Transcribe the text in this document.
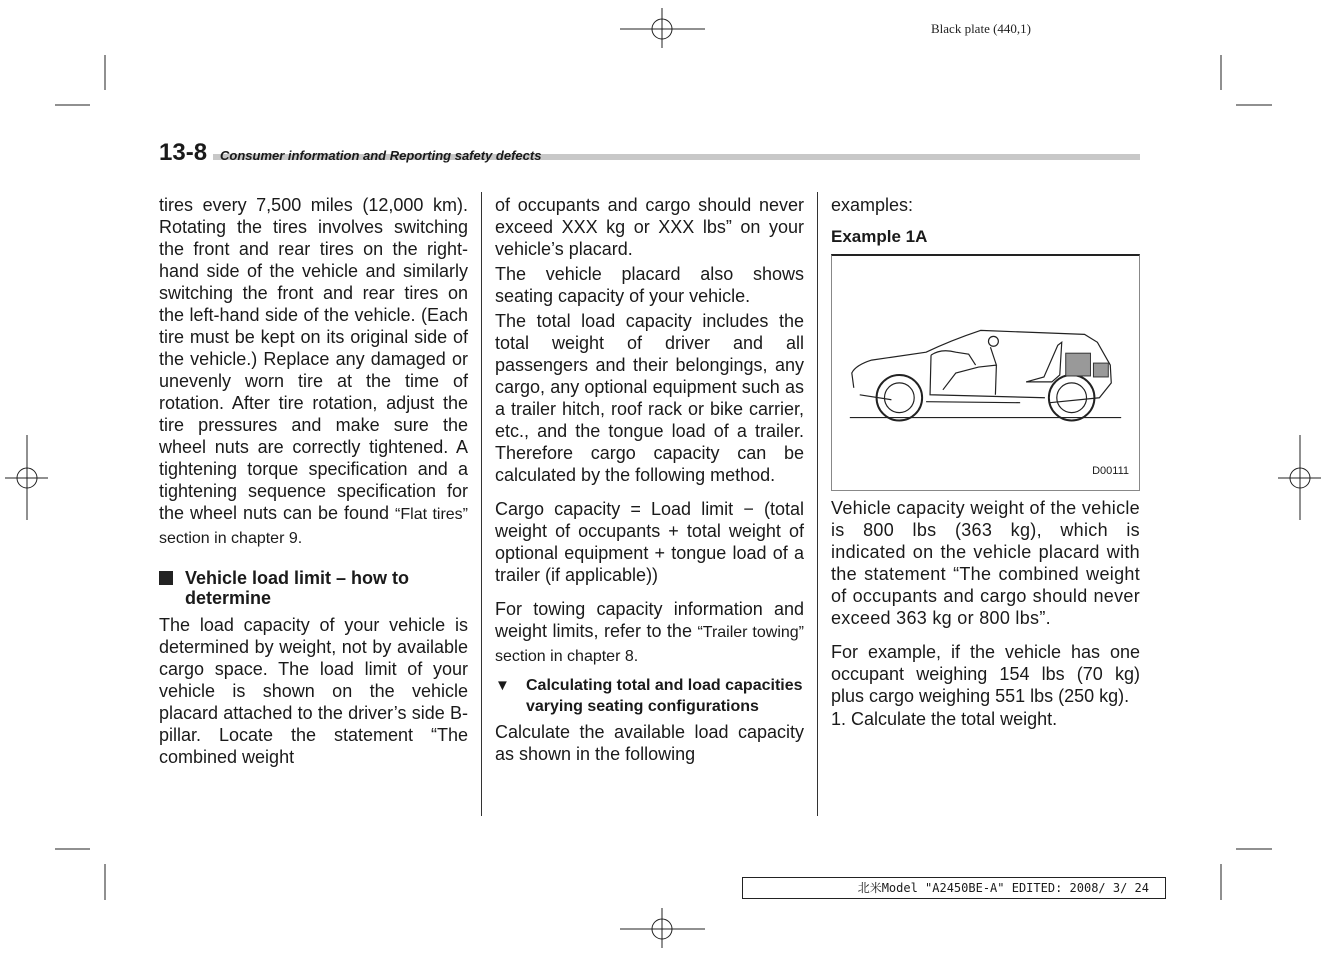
Black plate (440,1)
13-8 Consumer information and Reporting safety defects

tires every 7,500 miles (12,000 km). Rotating the tires involves switching the front and rear tires on the right-hand side of the vehicle and similarly switching the front and rear tires on the left-hand side of the vehicle. (Each tire must be kept on its original side of the vehicle.) Replace any damaged or unevenly worn tire at the time of rotation. After tire rotation, adjust the tire pressures and make sure the wheel nuts are correctly tightened. A tightening torque specification and a tightening sequence specification for the wheel nuts can be found “Flat tires” section in chapter 9.

Vehicle load limit – how to determine

The load capacity of your vehicle is determined by weight, not by available cargo space. The load limit of your vehicle is shown on the vehicle placard attached to the driver’s side B-pillar. Locate the statement “The combined weight

of occupants and cargo should never exceed XXX kg or XXX lbs” on your vehicle’s placard.

The vehicle placard also shows seating capacity of your vehicle.

The total load capacity includes the total weight of driver and all passengers and their belongings, any cargo, any optional equipment such as a trailer hitch, roof rack or bike carrier, etc., and the tongue load of a trailer. Therefore cargo capacity can be calculated by the following method.

Cargo capacity = Load limit − (total weight of occupants + total weight of optional equipment + tongue load of a trailer (if applicable))

For towing capacity information and weight limits, refer to the “Trailer towing” section in chapter 8.

▼	Calculating total and load capacities varying seating configurations

Calculate the available load capacity as shown in the following

examples:

Example 1A
D00111

Vehicle capacity weight of the vehicle is 800 lbs (363 kg), which is indicated on the vehicle placard with the statement “The combined weight of occupants and cargo should never exceed 363 kg or 800 lbs”.

For example, if the vehicle has one occupant weighing 154 lbs (70 kg) plus cargo weighing 551 lbs (250 kg).

1. Calculate the total weight.

北米Model "A2450BE-A" EDITED: 2008/ 3/ 24
